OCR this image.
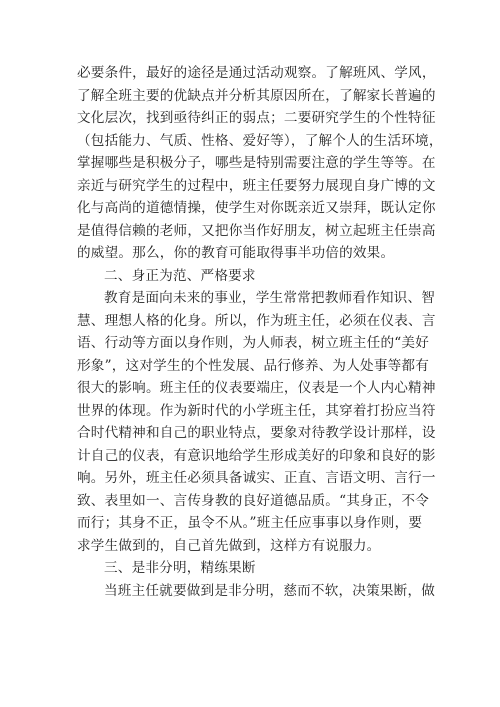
必要条件，最好的途径是通过活动观察。了解班风、学风，
了解全班主要的优缺点并分析其原因所在，了解家长普遍的
文化层次，找到亟待纠正的弱点；二要研究学生的个性特征
（包括能力、气质、性格、爱好等），了解个人的生活环境，
掌握哪些是积极分子，哪些是特别需要注意的学生等等。在
亲近与研究学生的过程中，班主任要努力展现自身广博的文
化与高尚的道德情操，使学生对你既亲近又崇拜，既认定你
是值得信赖的老师，又把你当作好朋友，树立起班主任崇高
的威望。那么，你的教育可能取得事半功倍的效果。
二、身正为范、严格要求
教育是面向未来的事业，学生常常把教师看作知识、智
慧、理想人格的化身。所以，作为班主任，必须在仪表、言
语、行动等方面以身作则，为人师表，树立班主任的“美好
形象”，这对学生的个性发展、品行修养、为人处事等都有
很大的影响。班主任的仪表要端庄，仪表是一个人内心精神
世界的体现。作为新时代的小学班主任，其穿着打扮应当符
合时代精神和自己的职业特点，要象对待教学设计那样，设
计自己的仪表，有意识地给学生形成美好的印象和良好的影
响。另外，班主任必须具备诚实、正直、言语文明、言行一
致、表里如一、言传身教的良好道德品质。“其身正，不令
而行；其身不正，虽令不从。”班主任应事事以身作则，要
求学生做到的，自己首先做到，这样方有说服力。
三、是非分明，精练果断
当班主任就要做到是非分明，慈而不软，决策果断，做
